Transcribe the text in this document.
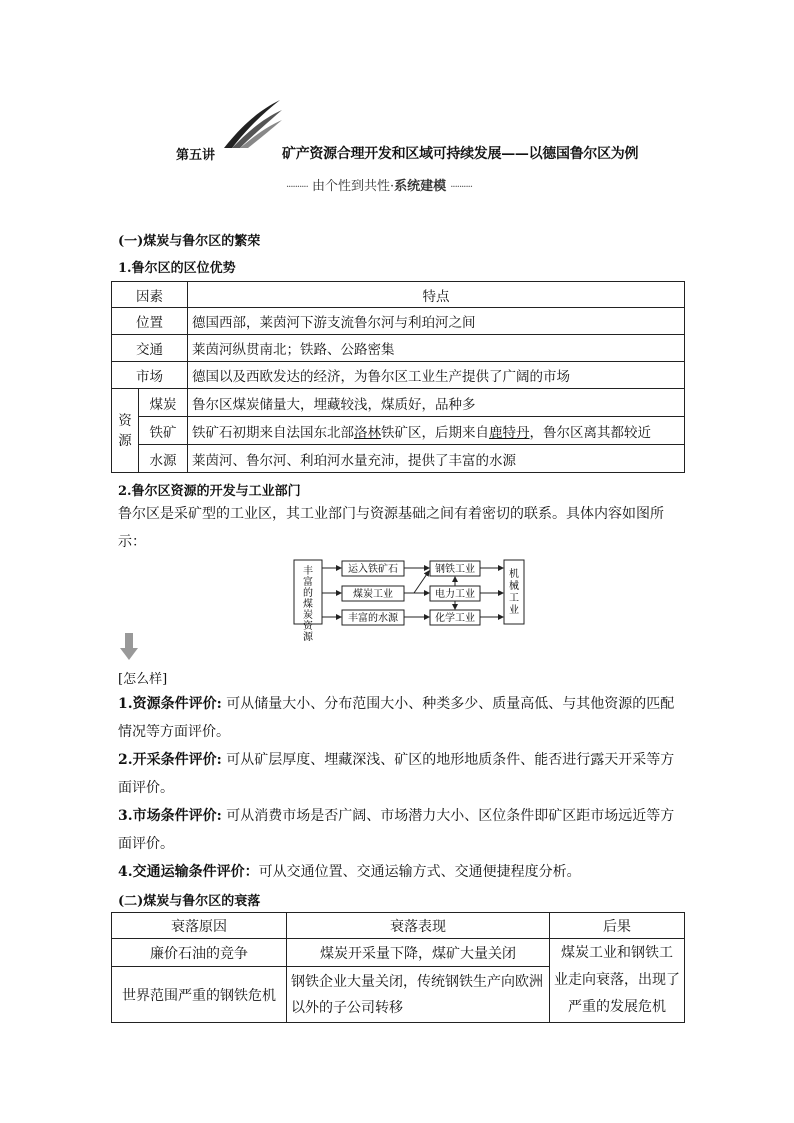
第五讲	矿产资源合理开发和区域可持续发展——以德国鲁尔区为例
·········· 由个性到共性·系统建模 ··········
(一)煤炭与鲁尔区的繁荣
1.鲁尔区的区位优势
因素		特点
位置		德国西部，莱茵河下游支流鲁尔河与利珀河之间
交通		莱茵河纵贯南北；铁路、公路密集
市场		德国以及西欧发达的经济，为鲁尔区工业生产提供了广阔的市场
资源	煤炭	鲁尔区煤炭储量大，埋藏较浅，煤质好，品种多
	铁矿	铁矿石初期来自法国东北部洛林铁矿区，后期来自鹿特丹，鲁尔区离其都较近
	水源	莱茵河、鲁尔河、利珀河水量充沛，提供了丰富的水源
2.鲁尔区资源的开发与工业部门
鲁尔区是采矿型的工业区，其工业部门与资源基础之间有着密切的联系。具体内容如图所
示：
丰富的煤炭资源
运入铁矿石
煤炭工业
丰富的水源
钢铁工业
电力工业
化学工业
机械工业
[怎么样]
1.资源条件评价: 可从储量大小、分布范围大小、种类多少、质量高低、与其他资源的匹配
情况等方面评价。
2.开采条件评价: 可从矿层厚度、埋藏深浅、矿区的地形地质条件、能否进行露天开采等方
面评价。
3.市场条件评价: 可从消费市场是否广阔、市场潜力大小、区位条件即矿区距市场远近等方
面评价。
4.交通运输条件评价：可从交通位置、交通运输方式、交通便捷程度分析。
(二)煤炭与鲁尔区的衰落
衰落原因	衰落表现	后果
廉价石油的竞争	煤炭开采量下降，煤矿大量关闭	煤炭工业和钢铁工
业走向衰落，出现了
严重的发展危机

世界范围严重的钢铁危机	钢铁企业大量关闭，传统钢铁生产向欧洲
以外的子公司转移	
